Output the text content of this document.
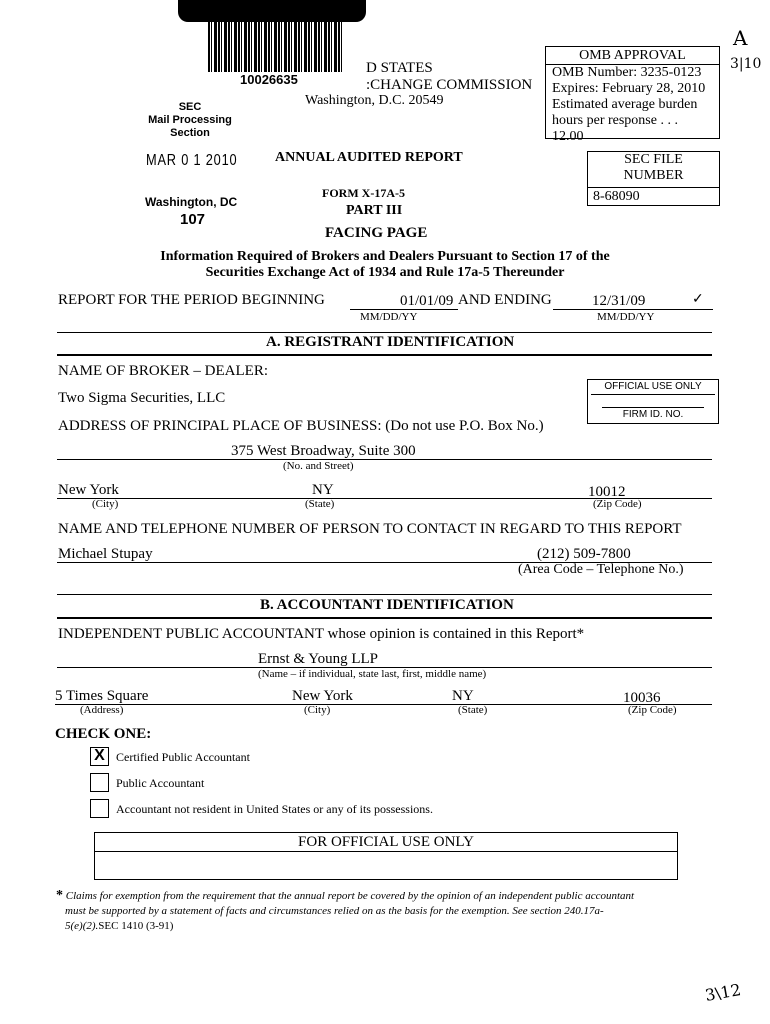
10026635
SEC
Mail Processing
Section
MAR 0 1 2010
Washington, DC
107
D STATES
:CHANGE COMMISSION
Washington, D.C. 20549
OMB APPROVAL
OMB Number: 3235-0123
Expires: February 28, 2010
Estimated average burden
hours per response . . .
12.00
A
3|10
3\12
ANNUAL AUDITED REPORT	SEC FILE
NUMBER
8-68090
FORM X-17A-5
PART III
FACING PAGE
Information Required of Brokers and Dealers Pursuant to Section 17 of the
Securities Exchange Act of 1934 and Rule 17a-5 Thereunder
REPORT FOR THE PERIOD BEGINNING	01/01/09 AND ENDING	12/31/09	✓
MM/DD/YY	MM/DD/YY
A. REGISTRANT IDENTIFICATION
NAME OF BROKER – DEALER:
Two Sigma Securities, LLC
OFFICIAL USE ONLY
FIRM ID. NO.
ADDRESS OF PRINCIPAL PLACE OF BUSINESS: (Do not use P.O. Box No.)
375 West Broadway, Suite 300
(No. and Street)
New York	NY	10012
(City)	(State)	(Zip Code)
NAME AND TELEPHONE NUMBER OF PERSON TO CONTACT IN REGARD TO THIS REPORT
Michael Stupay	(212) 509-7800
(Area Code – Telephone No.)
B. ACCOUNTANT IDENTIFICATION
INDEPENDENT PUBLIC ACCOUNTANT whose opinion is contained in this Report*
Ernst & Young LLP
(Name – if individual, state last, first, middle name)
5 Times Square	New York	NY	10036
(Address)	(City)	(State)	(Zip Code)
CHECK ONE:
X Certified Public Accountant
Public Accountant
Accountant not resident in United States or any of its possessions.
FOR OFFICIAL USE ONLY
* Claims for exemption from the requirement that the annual report be covered by the opinion of an independent public accountant
must be supported by a statement of facts and circumstances relied on as the basis for the exemption. See section 240.17a-
5(e)(2).SEC 1410 (3-91)
